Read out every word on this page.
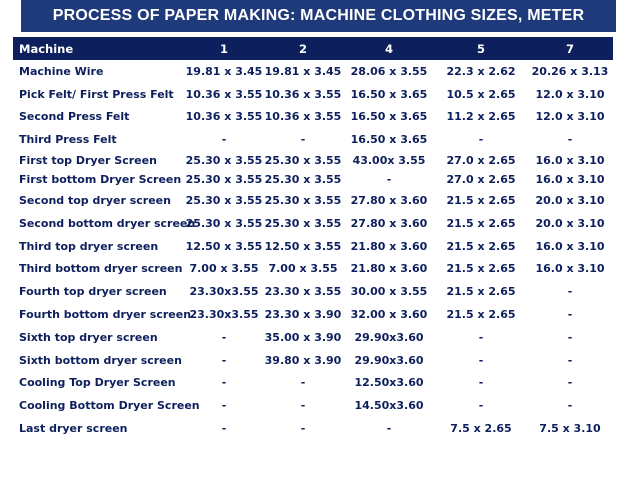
PROCESS OF PAPER MAKING: MACHINE CLOTHING SIZES, METER
Machine	1	2	4	5	7
Machine Wire	19.81 x 3.45	19.81 x 3.45	28.06 x 3.55	22.3 x 2.62	20.26 x 3.13
Pick Felt/ First Press Felt	10.36 x 3.55	10.36 x 3.55	16.50 x 3.65	10.5 x 2.65	12.0 x 3.10
Second Press Felt	10.36 x 3.55	10.36 x 3.55	16.50 x 3.65	11.2 x 2.65	12.0 x 3.10
Third Press Felt	-	-	16.50 x 3.65	-	-
First top Dryer Screen	25.30 x 3.55	25.30 x 3.55	43.00x 3.55	27.0 x 2.65	16.0 x 3.10
First bottom Dryer Screen	25.30 x 3.55	25.30 x 3.55	-	27.0 x 2.65	16.0 x 3.10
Second top dryer screen	25.30 x 3.55	25.30 x 3.55	27.80 x 3.60	21.5 x 2.65	20.0 x 3.10
Second bottom dryer screen	25.30 x 3.55	25.30 x 3.55	27.80 x 3.60	21.5 x 2.65	20.0 x 3.10
Third top dryer screen	12.50 x 3.55	12.50 x 3.55	21.80 x 3.60	21.5 x 2.65	16.0 x 3.10
Third bottom dryer screen	7.00 x 3.55	7.00 x 3.55	21.80 x 3.60	21.5 x 2.65	16.0 x 3.10
Fourth top dryer screen	23.30x3.55	23.30 x 3.55	30.00 x 3.55	21.5 x 2.65	-
Fourth bottom dryer screen	23.30x3.55	23.30 x 3.90	32.00 x 3.60	21.5 x 2.65	-
Sixth top dryer screen	-	35.00 x 3.90	29.90x3.60	-	-
Sixth bottom dryer screen	-	39.80 x 3.90	29.90x3.60	-	-
Cooling Top Dryer Screen	-	-	12.50x3.60	-	-
Cooling Bottom Dryer Screen	-	-	14.50x3.60	-	-
Last dryer screen	-	-	-	7.5 x 2.65	7.5 x 3.10
